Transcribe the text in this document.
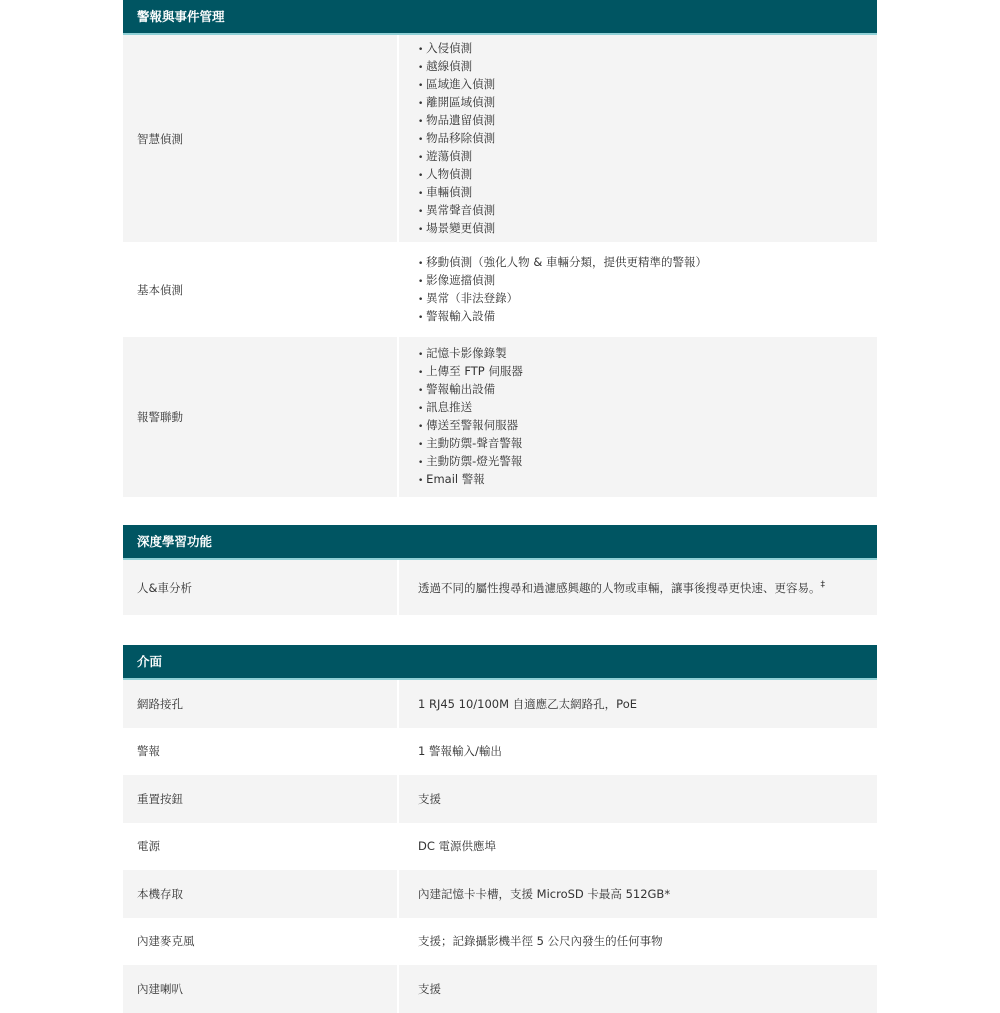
警報與事件管理
智慧偵測
• 入侵偵測
• 越線偵測
• 區域進入偵測
• 離開區域偵測
• 物品遺留偵測
• 物品移除偵測
• 遊蕩偵測
• 人物偵測
• 車輛偵測
• 異常聲音偵測
• 場景變更偵測
基本偵測
• 移動偵測（強化人物 & 車輛分類，提供更精準的警報）
• 影像遮擋偵測
• 異常（非法登錄）
• 警報輸入設備
報警聯動
• 記憶卡影像錄製
• 上傳至 FTP 伺服器
• 警報輸出設備
• 訊息推送
• 傳送至警報伺服器
• 主動防禦-聲音警報
• 主動防禦-燈光警報
• Email 警報
深度學習功能
人&車分析	透過不同的屬性搜尋和過濾感興趣的人物或車輛，讓事後搜尋更快速、更容易。‡
介面
網路接孔	1 RJ45 10/100M 自適應乙太網路孔，PoE
警報	1 警報輸入/輸出
重置按鈕	支援
電源	DC 電源供應埠
本機存取	內建記憶卡卡槽，支援 MicroSD 卡最高 512GB*
內建麥克風	支援；記錄攝影機半徑 5 公尺內發生的任何事物
內建喇叭	支援
